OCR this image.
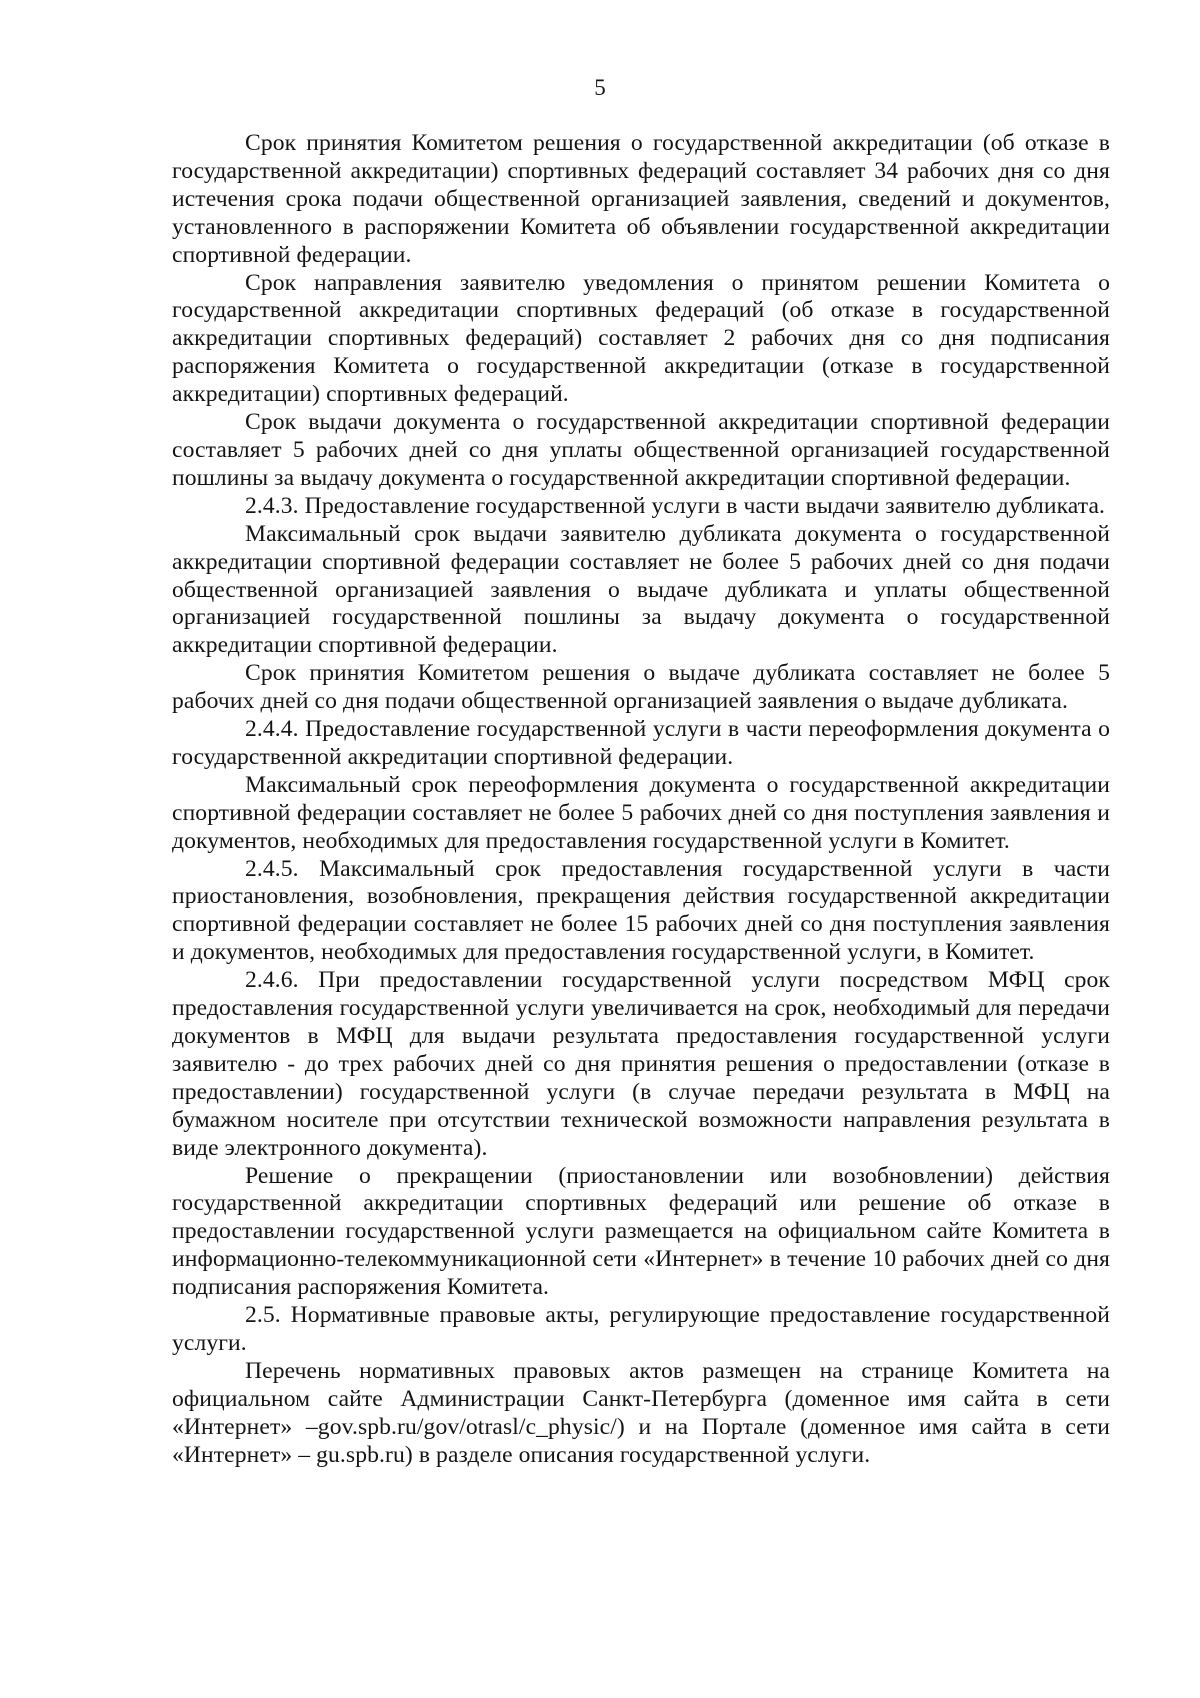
5

Срок принятия Комитетом решения о государственной аккредитации (об отказе в государственной аккредитации) спортивных федераций составляет 34 рабочих дня со дня истечения срока подачи общественной организацией заявления, сведений и документов, установленного в распоряжении Комитета об объявлении государственной аккредитации спортивной федерации.

Срок направления заявителю уведомления о принятом решении Комитета о государственной аккредитации спортивных федераций (об отказе в государственной аккредитации спортивных федераций) составляет 2 рабочих дня со дня подписания распоряжения Комитета о государственной аккредитации (отказе в государственной аккредитации) спортивных федераций.

Срок выдачи документа о государственной аккредитации спортивной федерации составляет 5 рабочих дней со дня уплаты общественной организацией государственной пошлины за выдачу документа о государственной аккредитации спортивной федерации.

2.4.3. Предоставление государственной услуги в части выдачи заявителю дубликата.

Максимальный срок выдачи заявителю дубликата документа о государственной аккредитации спортивной федерации составляет не более 5 рабочих дней со дня подачи общественной организацией заявления о выдаче дубликата и уплаты общественной организацией государственной пошлины за выдачу документа о государственной аккредитации спортивной федерации.

Срок принятия Комитетом решения о выдаче дубликата составляет не более 5 рабочих дней со дня подачи общественной организацией заявления о выдаче дубликата.

2.4.4. Предоставление государственной услуги в части переоформления документа о государственной аккредитации спортивной федерации.

Максимальный срок переоформления документа о государственной аккредитации спортивной федерации составляет не более 5 рабочих дней со дня поступления заявления и документов, необходимых для предоставления государственной услуги в Комитет.

2.4.5. Максимальный срок предоставления государственной услуги в части приостановления, возобновления, прекращения действия государственной аккредитации спортивной федерации составляет не более 15 рабочих дней со дня поступления заявления и документов, необходимых для предоставления государственной услуги, в Комитет.

2.4.6. При предоставлении государственной услуги посредством МФЦ срок предоставления государственной услуги увеличивается на срок, необходимый для передачи документов в МФЦ для выдачи результата предоставления государственной услуги заявителю - до трех рабочих дней со дня принятия решения о предоставлении (отказе в предоставлении) государственной услуги (в случае передачи результата в МФЦ на бумажном носителе при отсутствии технической возможности направления результата в виде электронного документа).

Решение о прекращении (приостановлении или возобновлении) действия государственной аккредитации спортивных федераций или решение об отказе в предоставлении государственной услуги размещается на официальном сайте Комитета в информационно-телекоммуникационной сети «Интернет» в течение 10 рабочих дней со дня подписания распоряжения Комитета.

2.5. Нормативные правовые акты, регулирующие предоставление государственной услуги.

Перечень нормативных правовых актов размещен на странице Комитета на официальном сайте Администрации Санкт-Петербурга (доменное имя сайта в сети «Интернет» –gov.spb.ru/gov/otrasl/c_physic/) и на Портале (доменное имя сайта в сети «Интернет» – gu.spb.ru) в разделе описания государственной услуги.
